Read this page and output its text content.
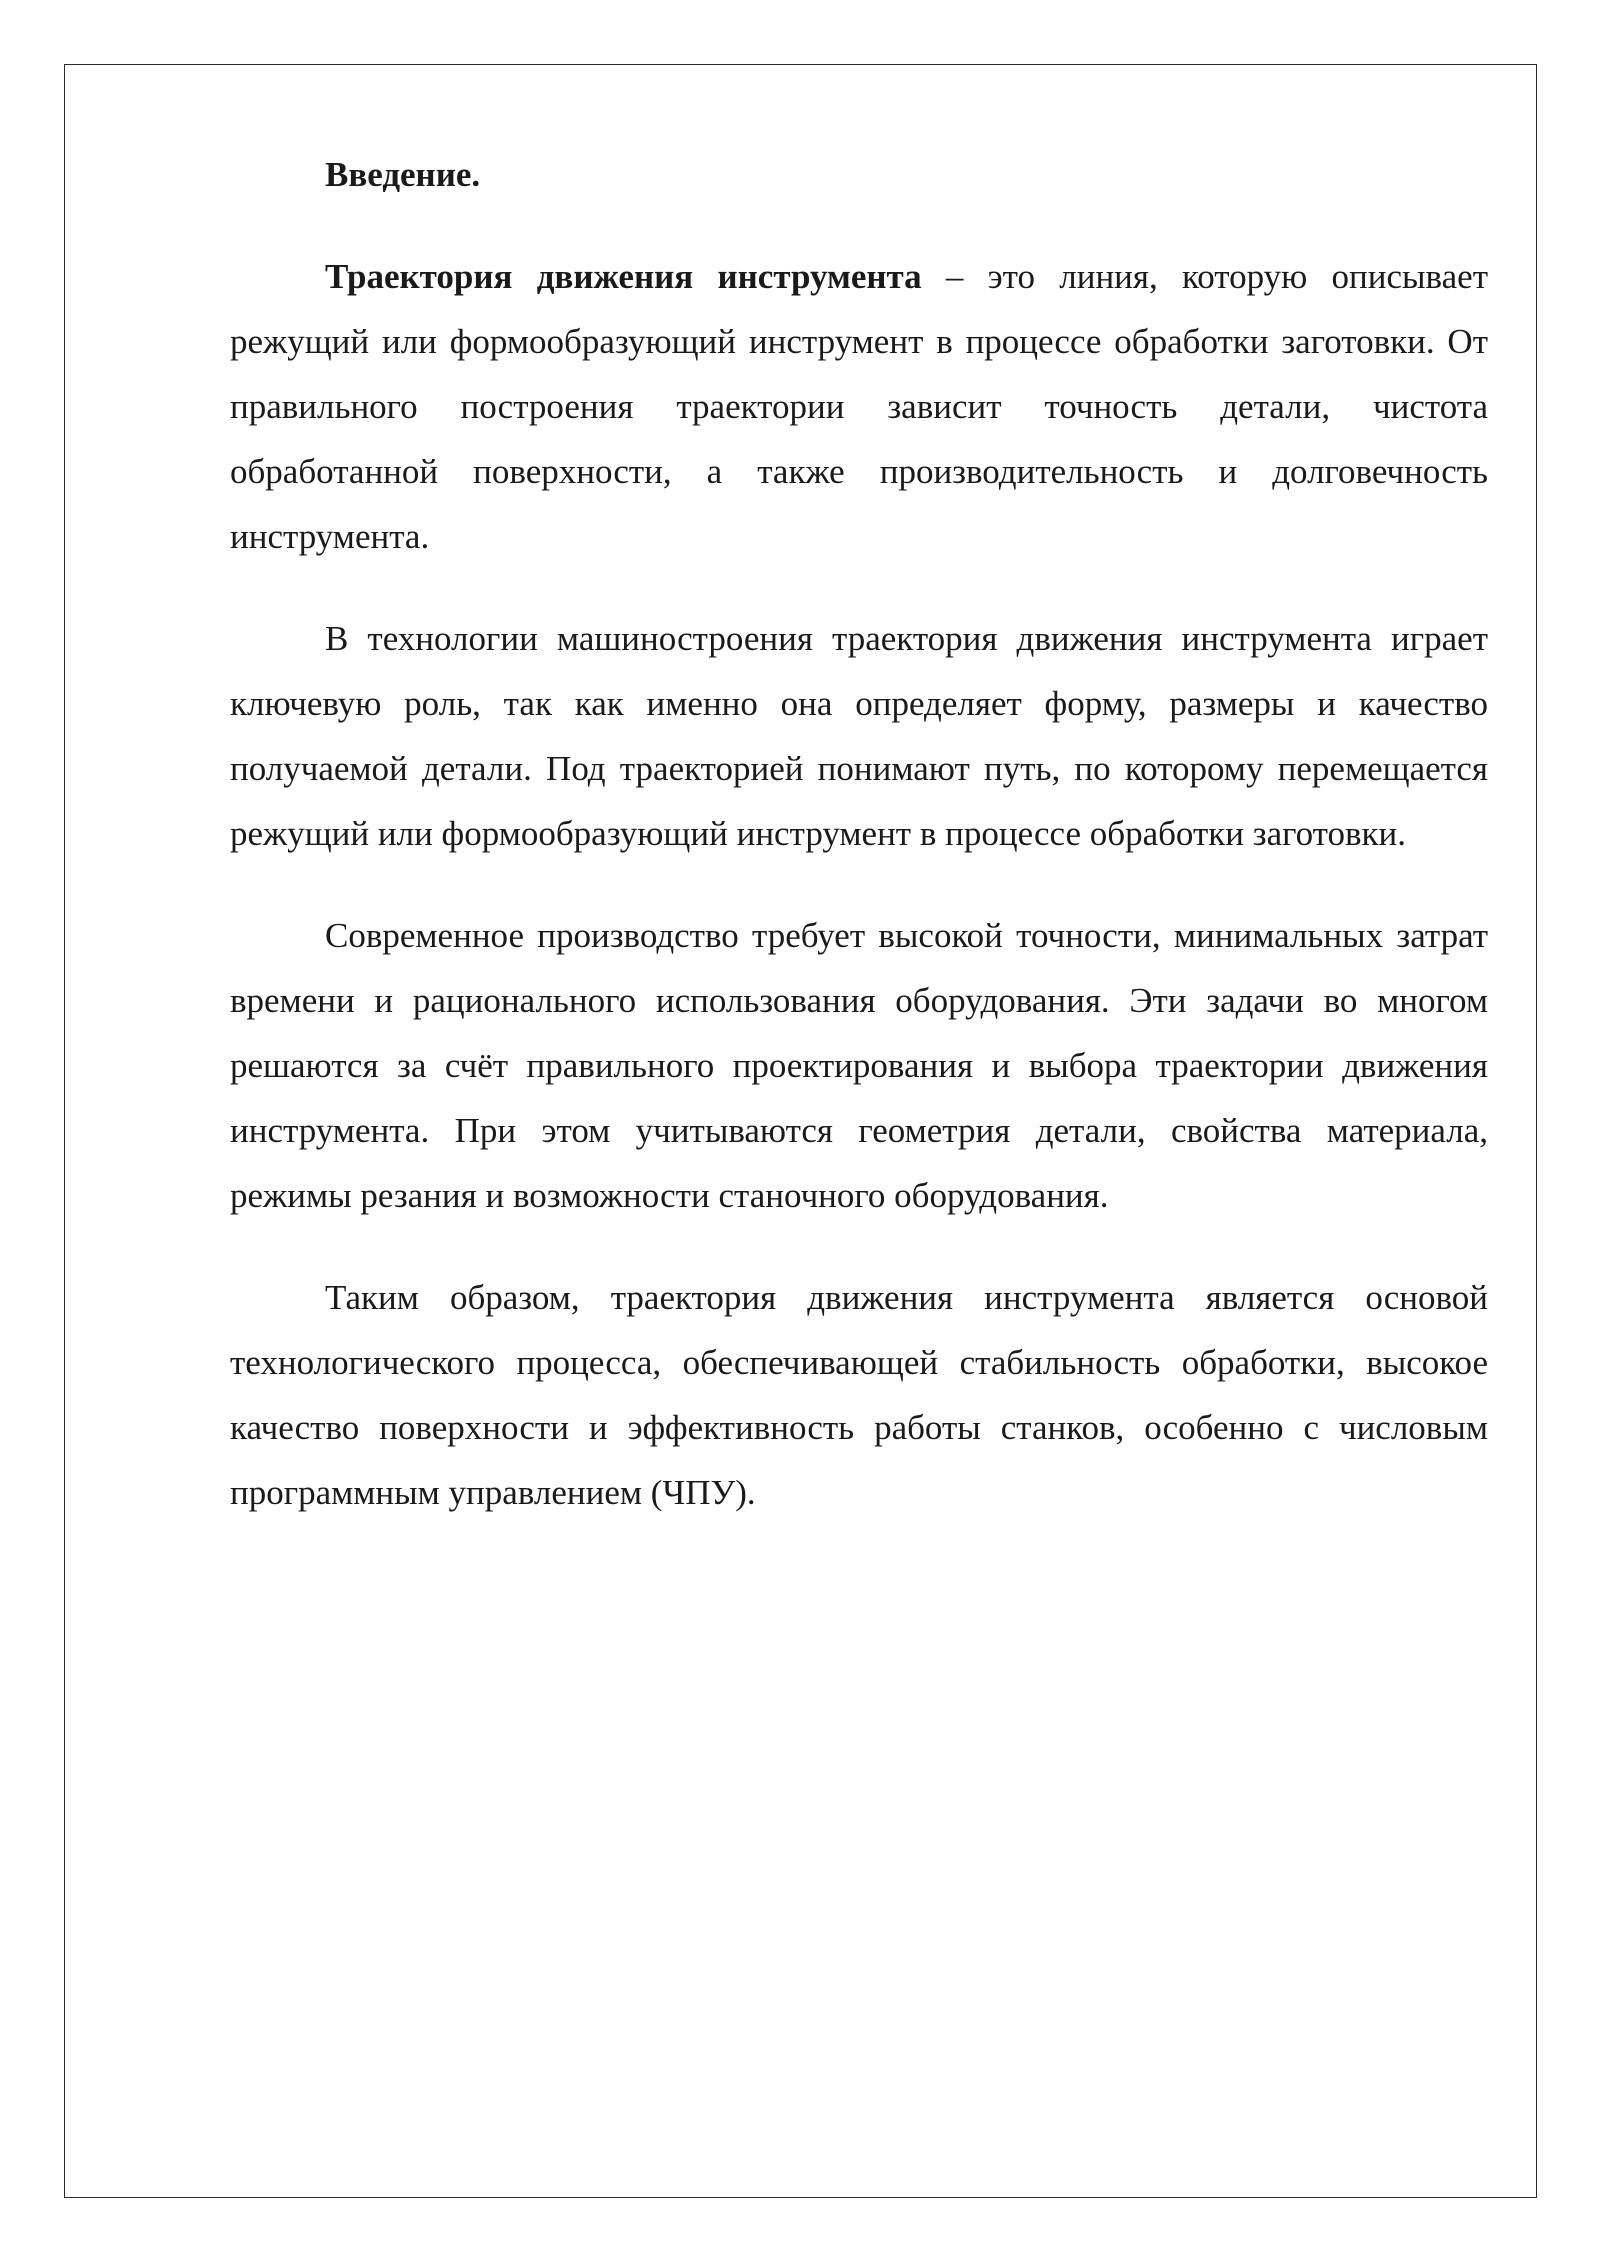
Введение.

Траектория движения инструмента – это линия, которую описывает режущий или формообразующий инструмент в процессе обработки заготовки. От правильного построения траектории зависит точность детали, чистота обработанной поверхности, а также производительность и долговечность инструмента.

В технологии машиностроения траектория движения инструмента играет ключевую роль, так как именно она определяет форму, размеры и качество получаемой детали. Под траекторией понимают путь, по которому перемещается режущий или формообразующий инструмент в процессе обработки заготовки.

Современное производство требует высокой точности, минимальных затрат времени и рационального использования оборудования. Эти задачи во многом решаются за счёт правильного проектирования и выбора траектории движения инструмента. При этом учитываются геометрия детали, свойства материала, режимы резания и возможности станочного оборудования.

Таким образом, траектория движения инструмента является основой технологического процесса, обеспечивающей стабильность обработки, высокое качество поверхности и эффективность работы станков, особенно с числовым программным управлением (ЧПУ).
